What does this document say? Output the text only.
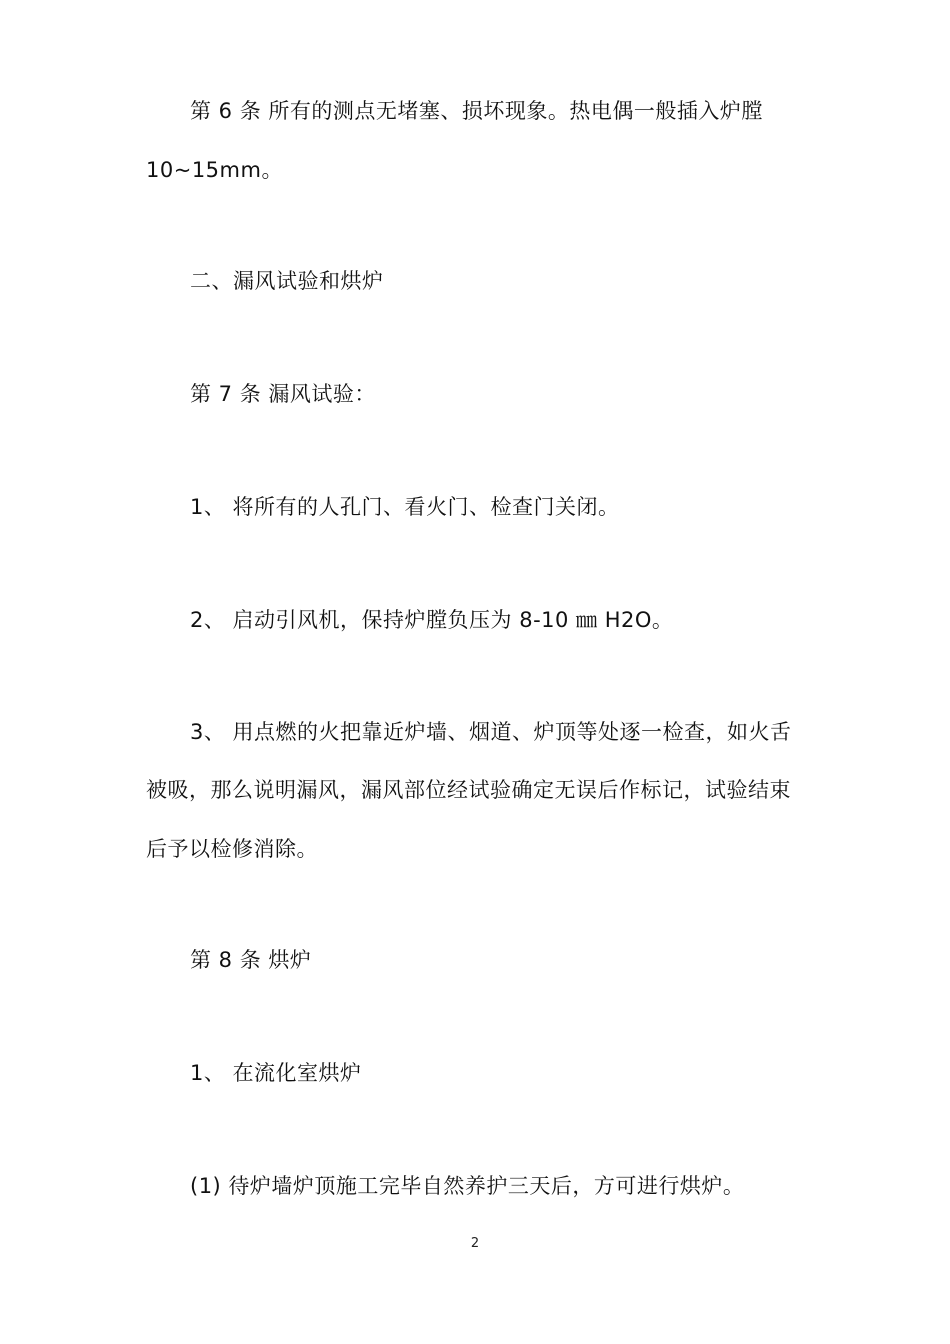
第 6 条 所有的测点无堵塞、损坏现象。热电偶一般插入炉膛
10~15mm。
二、漏风试验和烘炉
第 7 条 漏风试验：
1、 将所有的人孔门、看火门、检查门关闭。
2、 启动引风机，保持炉膛负压为 8-10 ㎜ H2O。
3、 用点燃的火把靠近炉墙、烟道、炉顶等处逐一检查，如火舌
被吸，那么说明漏风，漏风部位经试验确定无误后作标记，试验结束
后予以检修消除。
第 8 条 烘炉
1、 在流化室烘炉
(1) 待炉墙炉顶施工完毕自然养护三天后，方可进行烘炉。
2
